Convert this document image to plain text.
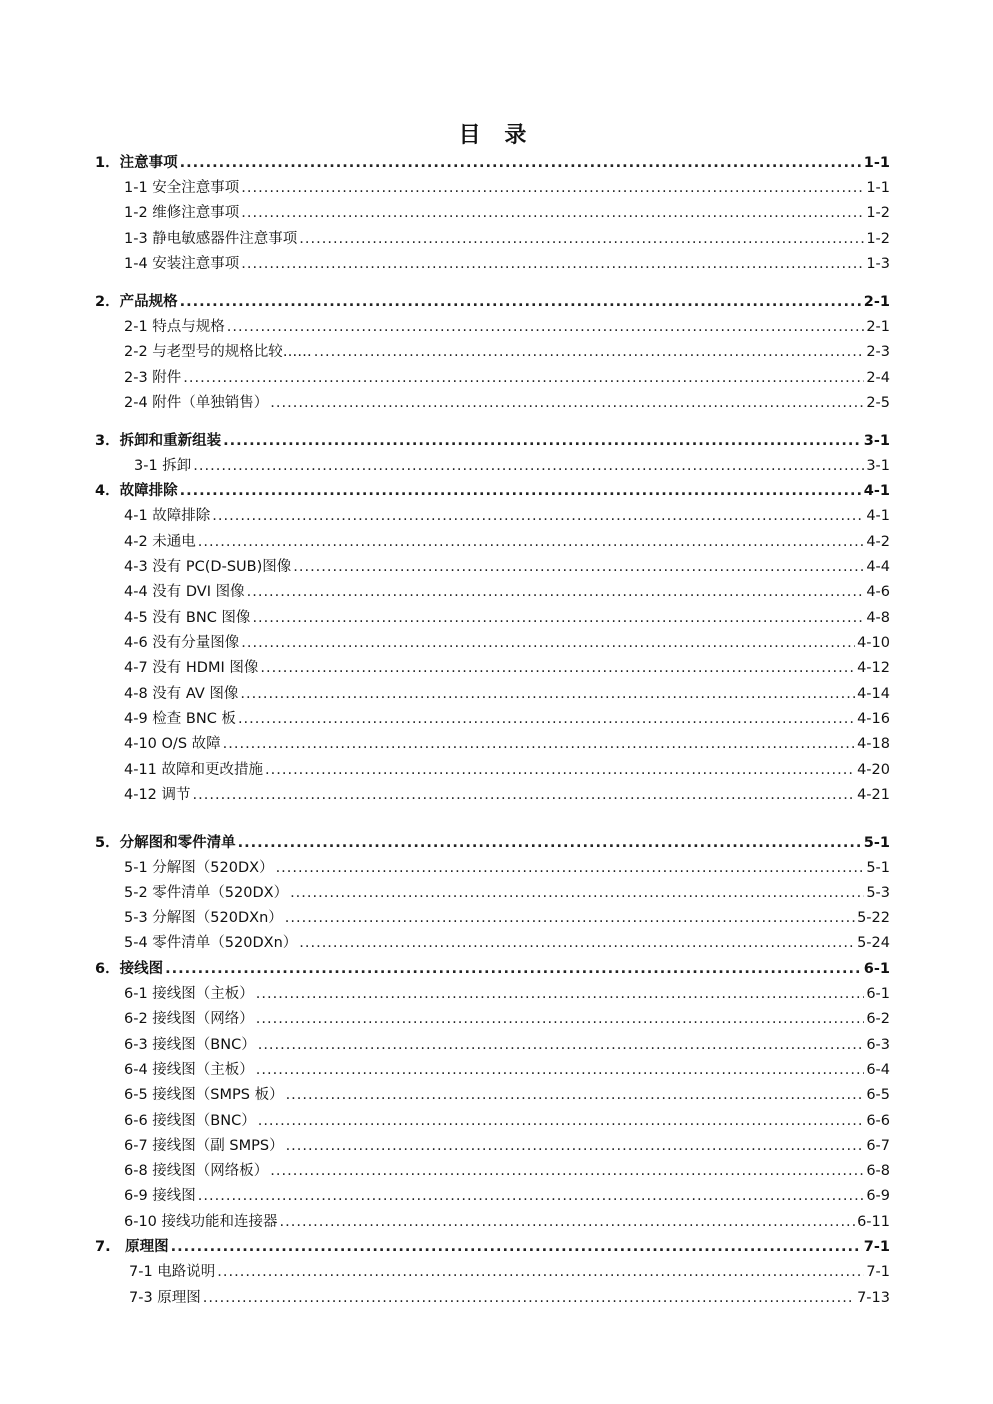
目 录
1．注意事项 .....	1-1
1-1 安全注意事项 .....	1-1
1-2 维修注意事项 .....	1-2
1-3 静电敏感器件注意事项 .....	1-2
1-4 安装注意事项 .....	1-3
2．产品规格 .....	2-1
2-1 特点与规格 .....	2-1
2-2 与老型号的规格比较…… .....	2-3
2-3 附件 .....	2-4
2-4 附件（单独销售） .....	2-5
3．拆卸和重新组装 .....	3-1
3-1 拆卸 .....	3-1
4．故障排除 .....	4-1
4-1 故障排除 .....	4-1
4-2 未通电 .....	4-2
4-3 没有 PC(D-SUB)图像 .....	4-4
4-4 没有 DVI 图像 .....	4-6
4-5 没有 BNC 图像 .....	4-8
4-6 没有分量图像 .....	4-10
4-7 没有 HDMI 图像 .....	4-12
4-8 没有 AV 图像 .....	4-14
4-9 检查 BNC 板 .....	4-16
4-10 O/S 故障 .....	4-18
4-11 故障和更改措施 .....	4-20
4-12 调节 .....	4-21
5．分解图和零件清单 .....	5-1
5-1 分解图（520DX） .....	5-1
5-2 零件清单（520DX） .....	5-3
5-3 分解图（520DXn） .....	5-22
5-4 零件清单（520DXn） .....	5-24
6．接线图 .....	6-1
6-1 接线图（主板） .....	6-1
6-2 接线图（网络） .....	6-2
6-3 接线图（BNC） .....	6-3
6-4 接线图（主板） .....	6-4
6-5 接线图（SMPS 板） .....	6-5
6-6 接线图（BNC） .....	6-6
6-7 接线图（副 SMPS） .....	6-7
6-8 接线图（网络板） .....	6-8
6-9 接线图 .....	6-9
6-10 接线功能和连接器 .....	6-11
7.　原理图 .....	7-1
7-1 电路说明 .....	7-1
7-3 原理图 .....	7-13
